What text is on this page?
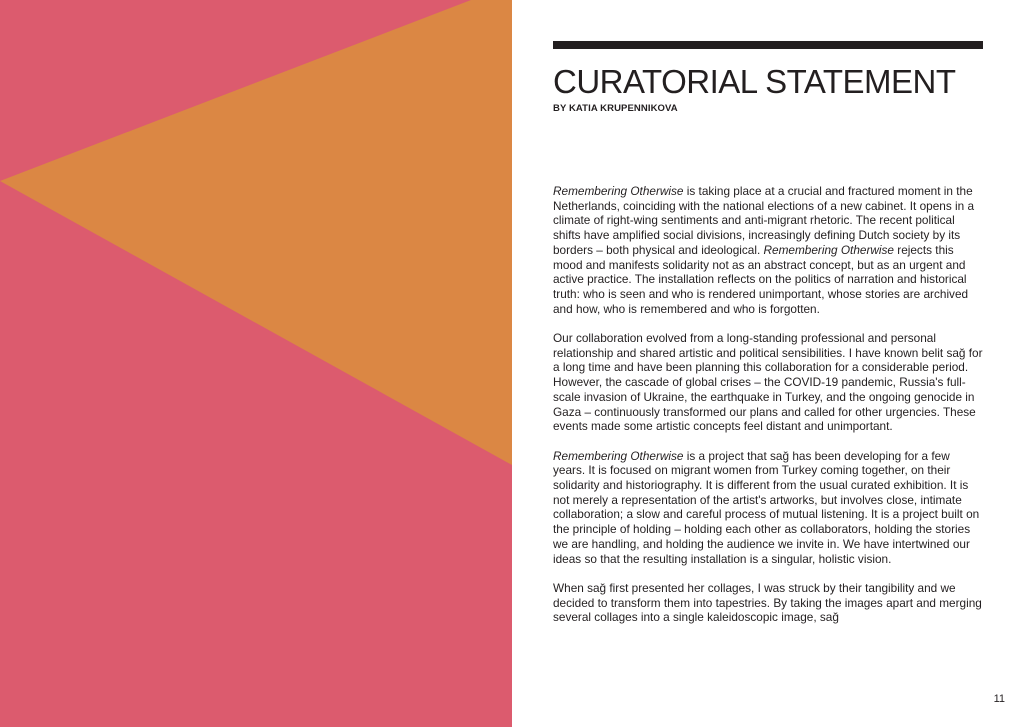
CURATORIAL STATEMENT
BY KATIA KRUPENNIKOVA

Remembering Otherwise is taking place at a crucial and fractured moment in the Netherlands, coinciding with the national elections of a new cabinet. It opens in a climate of right-wing sentiments and anti-migrant rhetoric. The recent political shifts have amplified social divisions, increasingly defining Dutch society by its borders – both physical and ideological. Remembering Otherwise rejects this mood and manifests solidarity not as an abstract concept, but as an urgent and active practice. The installation reflects on the politics of narration and historical truth: who is seen and who is rendered unimportant, whose stories are archived and how, who is remembered and who is forgotten.

Our collaboration evolved from a long-standing professional and personal relationship and shared artistic and political sensibilities. I have known belit sağ for a long time and have been planning this collaboration for a considerable period. However, the cascade of global crises – the COVID-19 pandemic, Russia's full-scale invasion of Ukraine, the earthquake in Turkey, and the ongoing genocide in Gaza – continuously transformed our plans and called for other urgencies. These events made some artistic concepts feel distant and unimportant.

Remembering Otherwise is a project that sağ has been developing for a few years. It is focused on migrant women from Turkey coming together, on their solidarity and historiography. It is different from the usual curated exhibition. It is not merely a representation of the artist's artworks, but involves close, intimate collaboration; a slow and careful process of mutual listening. It is a project built on the principle of holding – holding each other as collaborators, holding the stories we are handling, and holding the audience we invite in. We have intertwined our ideas so that the resulting installation is a singular, holistic vision.

When sağ first presented her collages, I was struck by their tangibility and we decided to transform them into tapestries. By taking the images apart and merging several collages into a single kaleidoscopic image, sağ

11
